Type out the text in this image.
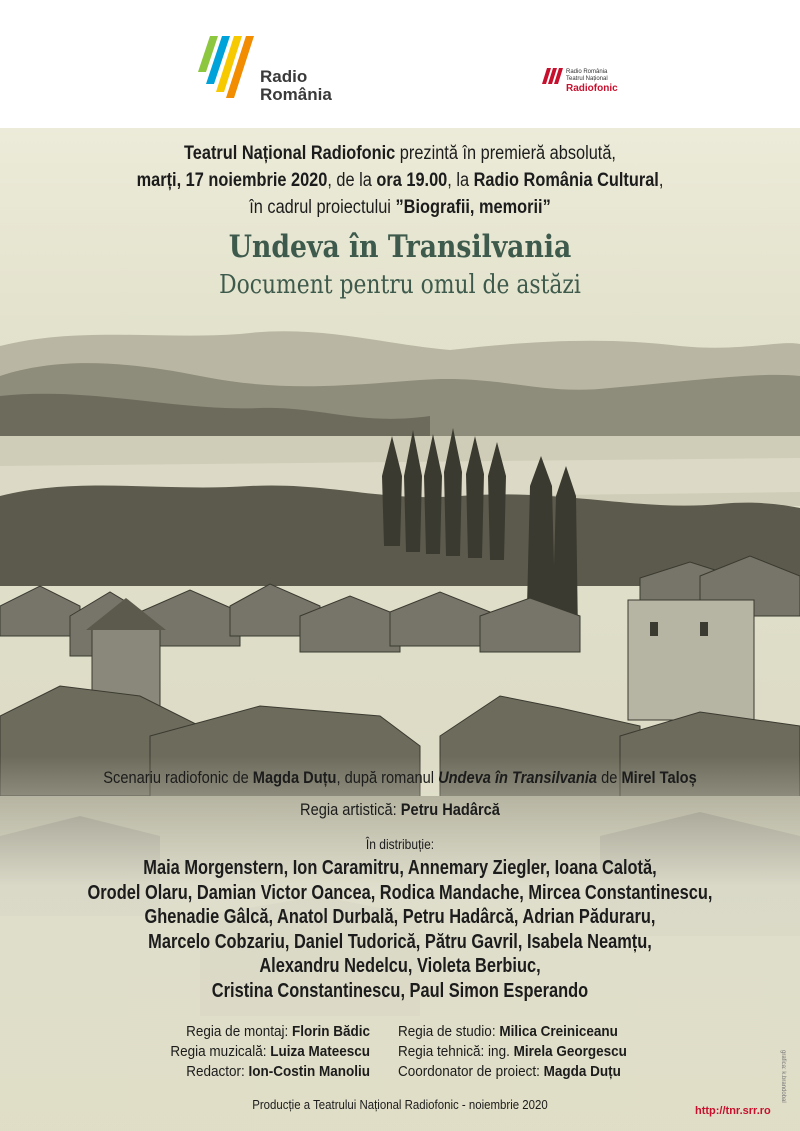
Radio
România
Radio România
Teatrul Național
Radiofonic
Teatrul Național Radiofonic prezintă în premieră absolută,
marți, 17 noiembrie 2020, de la ora 19.00, la Radio România Cultural,
în cadrul proiectului ”Biografii, memorii”
Undeva în Transilvania
Document pentru omul de astăzi
Scenariu radiofonic de Magda Duțu, după romanul Undeva în Transilvania de Mirel Taloș
Regia artistică: Petru Hadârcă
În distribuție:
Maia Morgenstern, Ion Caramitru, Annemary Ziegler, Ioana Calotă,
Orodel Olaru, Damian Victor Oancea, Rodica Mandache, Mircea Constantinescu,
Ghenadie Gâlcă, Anatol Durbală, Petru Hadârcă, Adrian Păduraru,
Marcelo Cobzariu, Daniel Tudorică, Pătru Gavril, Isabela Neamțu,
Alexandru Nedelcu, Violeta Berbiuc,
Cristina Constantinescu, Paul Simon Esperando
Regia de montaj: Florin Bădic
Regia muzicală: Luiza Mateescu
Redactor: Ion-Costin Manoliu
Regia de studio: Milica Creiniceanu
Regia tehnică: ing. Mirela Georgescu
Coordonator de proiect: Magda Duțu
Producție a Teatrului Național Radiofonic - noiembrie 2020	http://tnr.srr.ro
grafica: k.brandobal
